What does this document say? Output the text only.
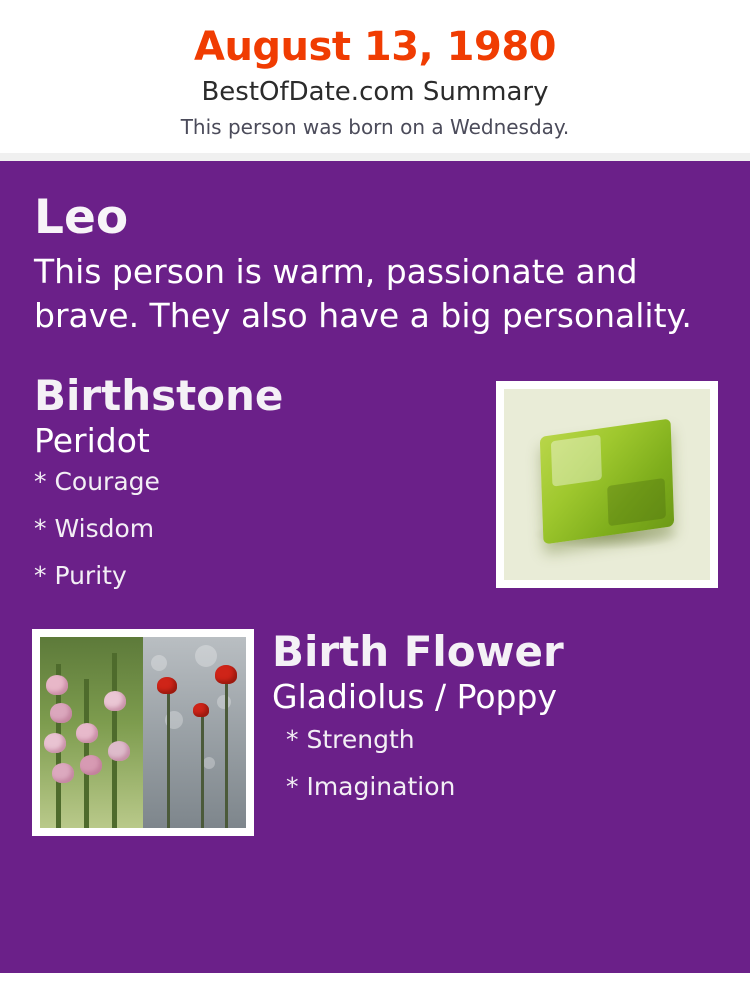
August 13, 1980
BestOfDate.com Summary
This person was born on a Wednesday.
Leo
This person is warm, passionate and brave. They also have a big personality.
Birthstone
Peridot
* Courage
* Wisdom
* Purity
Birth Flower
Gladiolus / Poppy
* Strength
* Imagination
